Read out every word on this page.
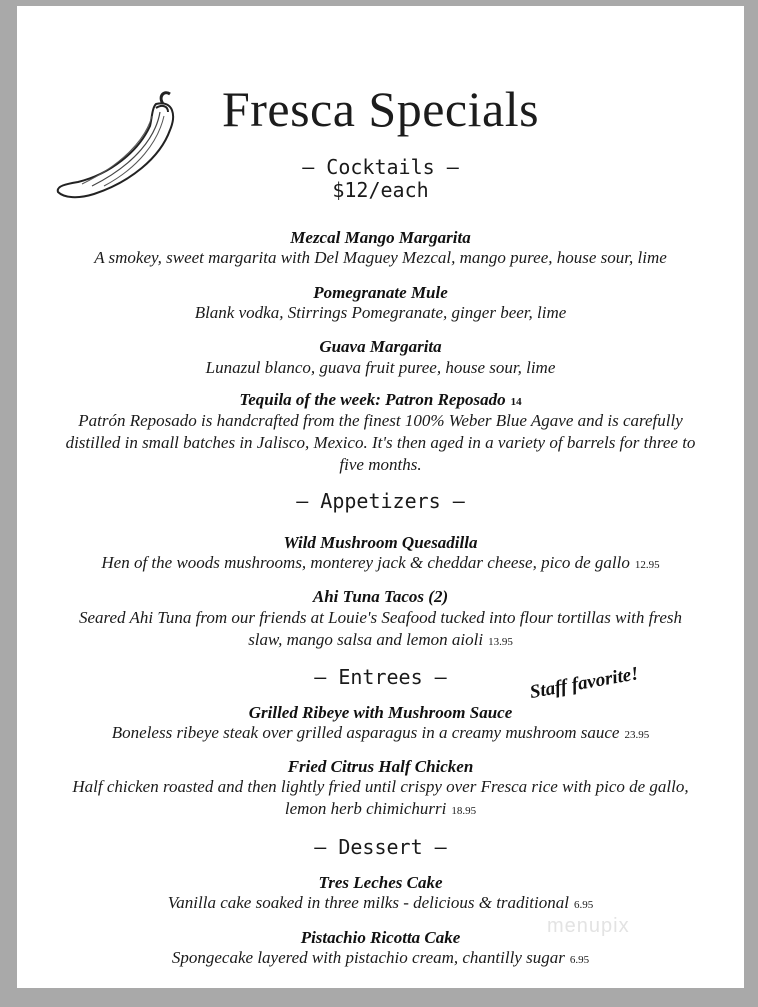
Fresca Specials
— Cocktails —
$12/each
Mezcal Mango Margarita
A smokey, sweet margarita with Del Maguey Mezcal, mango puree, house sour, lime
Pomegranate Mule
Blank vodka, Stirrings Pomegranate, ginger beer, lime
Guava Margarita
Lunazul blanco, guava fruit puree, house sour, lime
Tequila of the week: Patron Reposado 14
Patrón Reposado is handcrafted from the finest 100% Weber Blue Agave and is carefully distilled in small batches in Jalisco, Mexico. It's then aged in a variety of barrels for three to five months.
— Appetizers —
Wild Mushroom Quesadilla
Hen of the woods mushrooms, monterey jack & cheddar cheese, pico de gallo 12.95
Ahi Tuna Tacos (2)
Seared Ahi Tuna from our friends at Louie's Seafood tucked into flour tortillas with fresh slaw, mango salsa and lemon aioli 13.95
— Entrees —	Staff favorite!
Grilled Ribeye with Mushroom Sauce
Boneless ribeye steak over grilled asparagus in a creamy mushroom sauce 23.95
Fried Citrus Half Chicken
Half chicken roasted and then lightly fried until crispy over Fresca rice with pico de gallo, lemon herb chimichurri 18.95
— Dessert —
Tres Leches Cake
Vanilla cake soaked in three milks - delicious & traditional 6.95
Pistachio Ricotta Cake
Spongecake layered with pistachio cream, chantilly sugar 6.95
menupix
